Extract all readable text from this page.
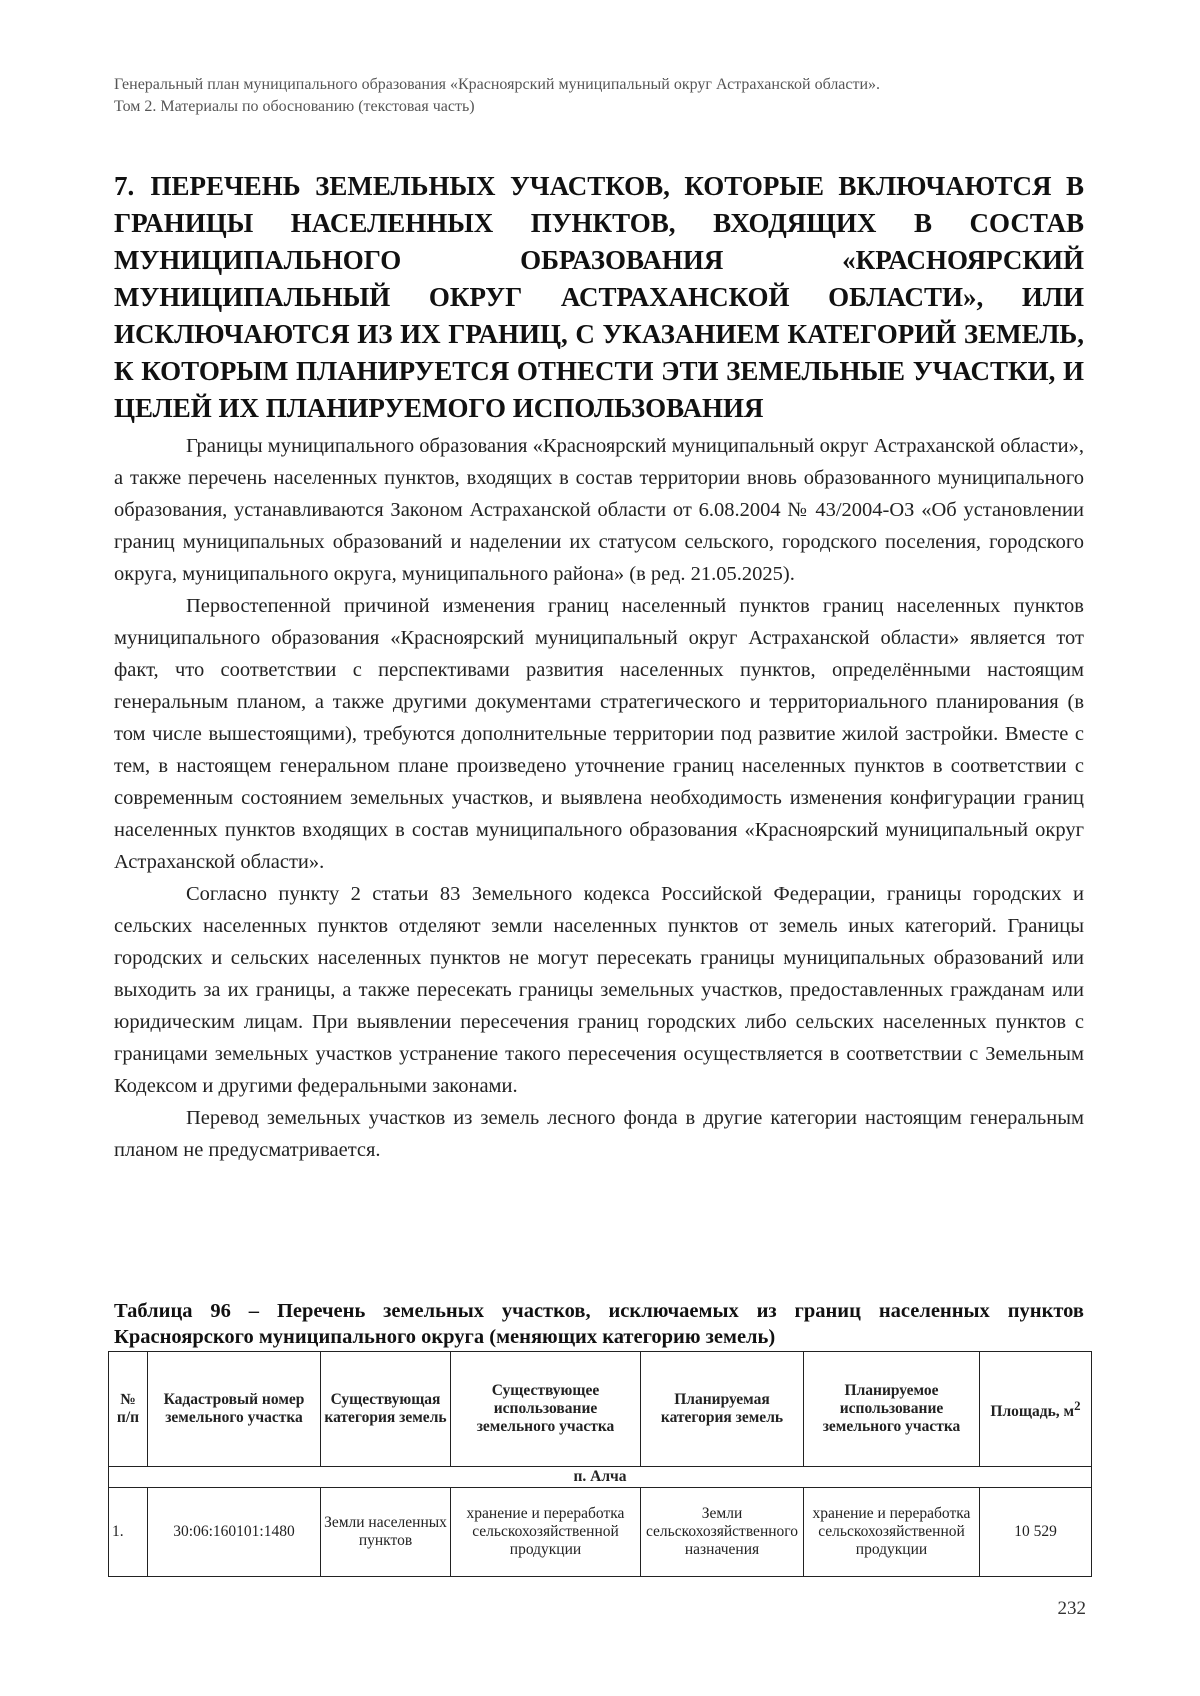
Генеральный план муниципального образования «Красноярский муниципальный округ Астраханской области».
Том 2. Материалы по обоснованию (текстовая часть)
7. ПЕРЕЧЕНЬ ЗЕМЕЛЬНЫХ УЧАСТКОВ, КОТОРЫЕ ВКЛЮЧАЮТСЯ В ГРАНИЦЫ НАСЕЛЕННЫХ ПУНКТОВ, ВХОДЯЩИХ В СОСТАВ МУНИЦИПАЛЬНОГО ОБРАЗОВАНИЯ «КРАСНОЯРСКИЙ МУНИЦИПАЛЬНЫЙ ОКРУГ АСТРАХАНСКОЙ ОБЛАСТИ», ИЛИ ИСКЛЮЧАЮТСЯ ИЗ ИХ ГРАНИЦ, С УКАЗАНИЕМ КАТЕГОРИЙ ЗЕМЕЛЬ, К КОТОРЫМ ПЛАНИРУЕТСЯ ОТНЕСТИ ЭТИ ЗЕМЕЛЬНЫЕ УЧАСТКИ, И ЦЕЛЕЙ ИХ ПЛАНИРУЕМОГО ИСПОЛЬЗОВАНИЯ

Границы муниципального образования «Красноярский муниципальный округ Астраханской области», а также перечень населенных пунктов, входящих в состав территории вновь образованного муниципального образования, устанавливаются Законом Астраханской области от 6.08.2004 № 43/2004-ОЗ «Об установлении границ муниципальных образований и наделении их статусом сельского, городского поселения, городского округа, муниципального округа, муниципального района» (в ред. 21.05.2025).

Первостепенной причиной изменения границ населенный пунктов границ населенных пунктов муниципального образования «Красноярский муниципальный округ Астраханской области» является тот факт, что соответствии с перспективами развития населенных пунктов, определёнными настоящим генеральным планом, а также другими документами стратегического и территориального планирования (в том числе вышестоящими), требуются дополнительные территории под развитие жилой застройки. Вместе с тем, в настоящем генеральном плане произведено уточнение границ населенных пунктов в соответствии с современным состоянием земельных участков, и выявлена необходимость изменения конфигурации границ населенных пунктов входящих в состав муниципального образования «Красноярский муниципальный округ Астраханской области».

Согласно пункту 2 статьи 83 Земельного кодекса Российской Федерации, границы городских и сельских населенных пунктов отделяют земли населенных пунктов от земель иных категорий. Границы городских и сельских населенных пунктов не могут пересекать границы муниципальных образований или выходить за их границы, а также пересекать границы земельных участков, предоставленных гражданам или юридическим лицам. При выявлении пересечения границ городских либо сельских населенных пунктов с границами земельных участков устранение такого пересечения осуществляется в соответствии с Земельным Кодексом и другими федеральными законами.

Перевод земельных участков из земель лесного фонда в другие категории настоящим генеральным планом не предусматривается.

Таблица 96 – Перечень земельных участков, исключаемых из границ населенных пунктов Красноярского муниципального округа (меняющих категорию земель)
№ п/п	Кадастровый номер земельного участка	Существующая категория земель	Существующее использование земельного участка	Планируемая категория земель	Планируемое использование земельного участка	Площадь, $м^2$
п. Алча						
1.	30:06:160101:1480	Земли населенных пунктов	хранение и переработка сельскохозяйственной продукции	Земли сельскохозяйственного назначения	хранение и переработка сельскохозяйственной продукции	10 529
232
